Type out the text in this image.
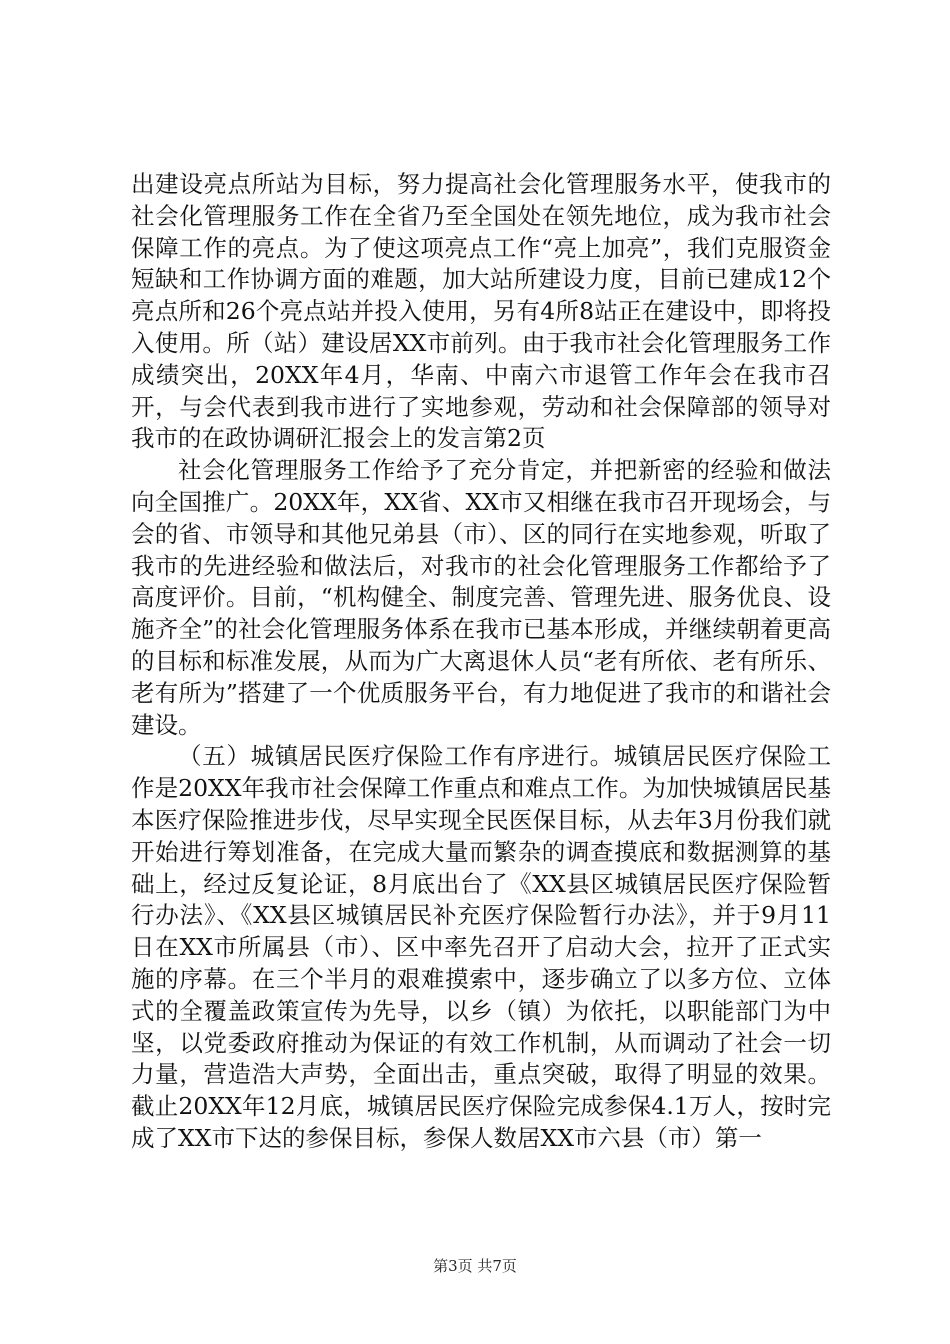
出建设亮点所站为目标，努力提高社会化管理服务水平，使我市的社会化管理服务工作在全省乃至全国处在领先地位，成为我市社会保障工作的亮点。为了使这项亮点工作“亮上加亮”，我们克服资金短缺和工作协调方面的难题，加大站所建设力度，目前已建成12个亮点所和26个亮点站并投入使用，另有4所8站正在建设中，即将投入使用。所（站）建设居XX市前列。由于我市社会化管理服务工作成绩突出，20XX年4月，华南、中南六市退管工作年会在我市召开，与会代表到我市进行了实地参观，劳动和社会保障部的领导对我市的在政协调研汇报会上的发言第2页

社会化管理服务工作给予了充分肯定，并把新密的经验和做法向全国推广。20XX年，XX省、XX市又相继在我市召开现场会，与会的省、市领导和其他兄弟县（市）、区的同行在实地参观，听取了我市的先进经验和做法后，对我市的社会化管理服务工作都给予了高度评价。目前，“机构健全、制度完善、管理先进、服务优良、设施齐全”的社会化管理服务体系在我市已基本形成，并继续朝着更高的目标和标准发展，从而为广大离退休人员“老有所依、老有所乐、老有所为”搭建了一个优质服务平台，有力地促进了我市的和谐社会建设。

（五）城镇居民医疗保险工作有序进行。城镇居民医疗保险工作是20XX年我市社会保障工作重点和难点工作。为加快城镇居民基本医疗保险推进步伐，尽早实现全民医保目标，从去年3月份我们就开始进行筹划准备，在完成大量而繁杂的调查摸底和数据测算的基础上，经过反复论证，8月底出台了《XX县区城镇居民医疗保险暂行办法》、《XX县区城镇居民补充医疗保险暂行办法》，并于9月11日在XX市所属县（市）、区中率先召开了启动大会，拉开了正式实施的序幕。在三个半月的艰难摸索中，逐步确立了以多方位、立体式的全覆盖政策宣传为先导，以乡（镇）为依托，以职能部门为中坚，以党委政府推动为保证的有效工作机制，从而调动了社会一切力量，营造浩大声势，全面出击，重点突破，取得了明显的效果。截止20XX年12月底，城镇居民医疗保险完成参保4.1万人，按时完成了XX市下达的参保目标，参保人数居XX市六县（市）第一

第3页 共7页
